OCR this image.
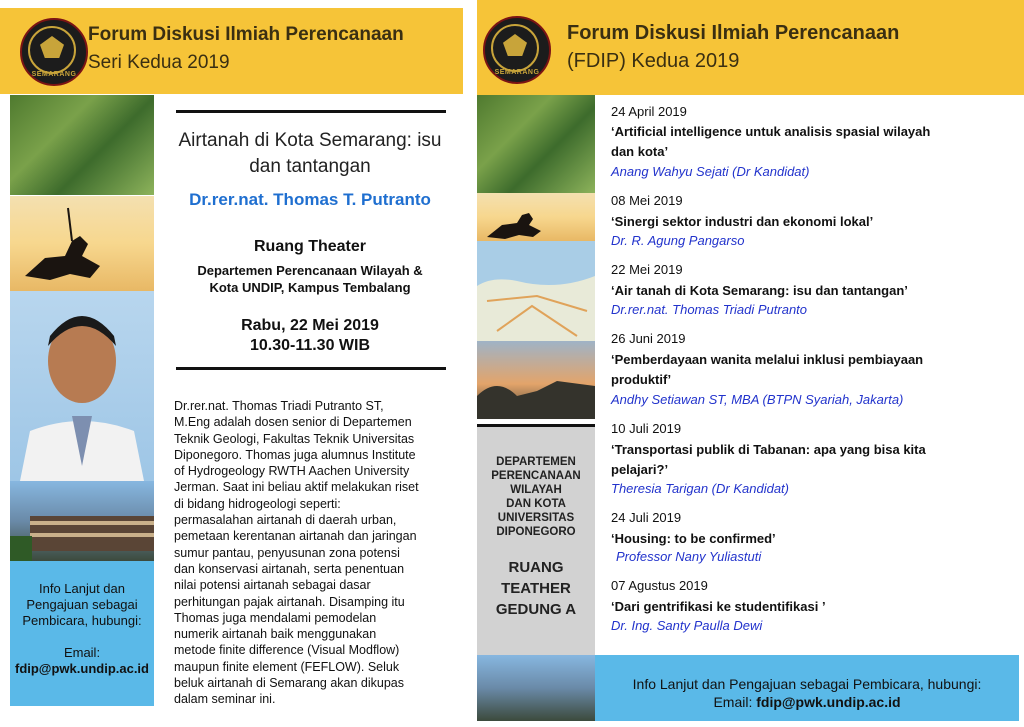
SEMARANG
Forum Diskusi Ilmiah Perencanaan
Seri Kedua 2019
Info Lanjut dan
Pengajuan sebagai
Pembicara, hubungi:
Email:
fdip@pwk.undip.ac.id
Airtanah di Kota Semarang: isu
dan tantangan
Dr.rer.nat. Thomas T. Putranto
Ruang Theater
Departemen Perencanaan Wilayah &
Kota UNDIP, Kampus Tembalang
Rabu, 22 Mei 2019
10.30-11.30 WIB
Dr.rer.nat. Thomas Triadi Putranto ST,
M.Eng adalah dosen senior di Departemen
Teknik Geologi, Fakultas Teknik Universitas
Diponegoro. Thomas juga alumnus Institute
of Hydrogeology RWTH Aachen University
Jerman. Saat ini beliau aktif melakukan riset
di bidang hidrogeologi seperti:
permasalahan airtanah di daerah urban,
pemetaan kerentanan airtanah dan jaringan
sumur pantau, penyusunan zona potensi
dan konservasi airtanah, serta penentuan
nilai potensi airtanah sebagai dasar
perhitungan pajak airtanah. Disamping itu
Thomas juga mendalami pemodelan
numerik airtanah baik menggunakan
metode finite difference (Visual Modflow)
maupun finite element (FEFLOW). Seluk
beluk airtanah di Semarang akan dikupas
dalam seminar ini.
SEMARANG
Forum Diskusi Ilmiah Perencanaan
(FDIP) Kedua 2019
DEPARTEMEN
PERENCANAAN
WILAYAH
DAN KOTA
UNIVERSITAS
DIPONEGORO
RUANG
TEATHER
GEDUNG A
24 April 2019
‘Artificial intelligence untuk analisis spasial wilayah
dan kota’
Anang Wahyu Sejati (Dr Kandidat)
08 Mei 2019
‘Sinergi sektor industri dan ekonomi lokal’
Dr. R. Agung Pangarso
22 Mei 2019
‘Air tanah di Kota Semarang: isu dan tantangan’
Dr.rer.nat. Thomas Triadi Putranto
26 Juni 2019
‘Pemberdayaan wanita melalui inklusi pembiayaan
produktif’
Andhy Setiawan ST, MBA (BTPN Syariah, Jakarta)
10 Juli 2019
‘Transportasi publik di Tabanan: apa yang bisa kita
pelajari?’
Theresia Tarigan (Dr Kandidat)
24 Juli 2019
‘Housing: to be confirmed’
Professor Nany Yuliastuti
07 Agustus 2019
‘Dari gentrifikasi ke studentifikasi ’
Dr. Ing. Santy Paulla Dewi
Info Lanjut dan Pengajuan sebagai Pembicara, hubungi:
Email: fdip@pwk.undip.ac.id
